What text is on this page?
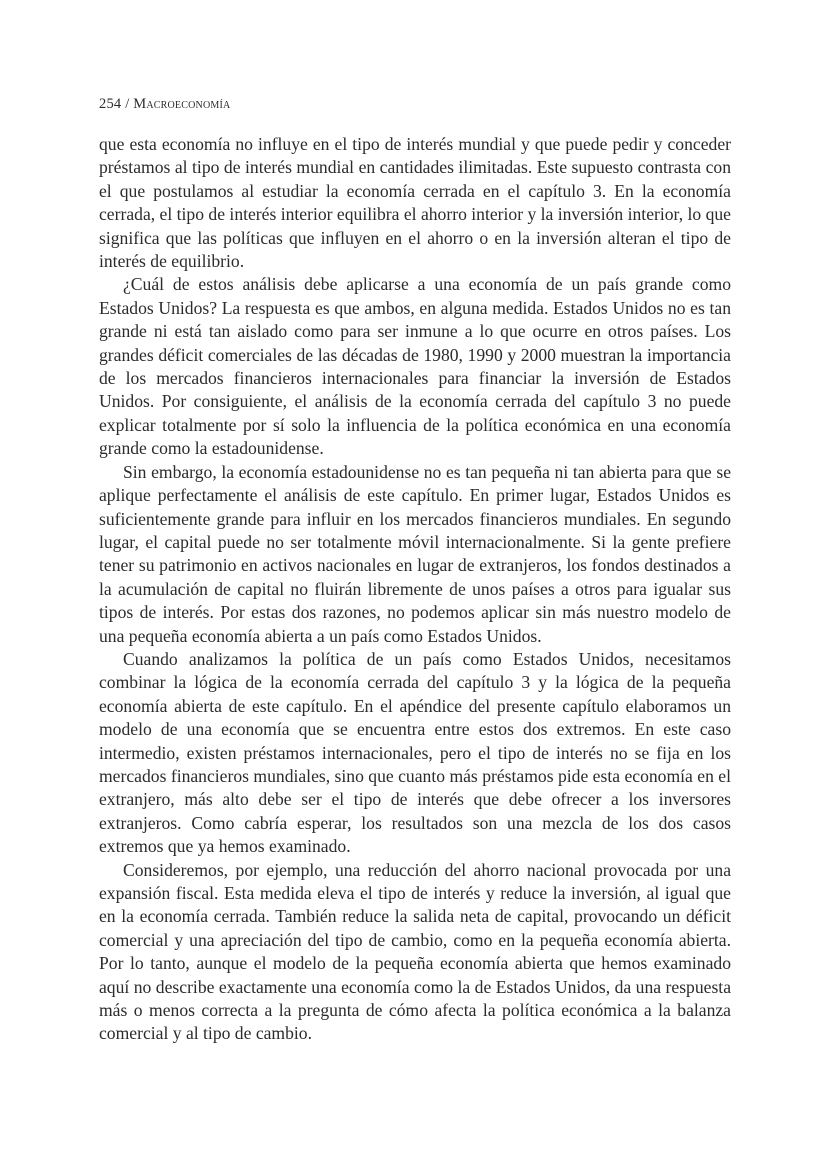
254 / Macroeconomía

que esta economía no influye en el tipo de interés mundial y que puede pedir y conceder préstamos al tipo de interés mundial en cantidades ilimitadas. Este supuesto contrasta con el que postulamos al estudiar la economía cerrada en el capítulo 3. En la economía cerrada, el tipo de interés interior equilibra el ahorro interior y la inversión interior, lo que significa que las políticas que influyen en el ahorro o en la inversión alteran el tipo de interés de equilibrio.

¿Cuál de estos análisis debe aplicarse a una economía de un país grande como Estados Unidos? La respuesta es que ambos, en alguna medida. Estados Unidos no es tan grande ni está tan aislado como para ser inmune a lo que ocurre en otros países. Los grandes déficit comerciales de las décadas de 1980, 1990 y 2000 muestran la importancia de los mercados financieros internacionales para financiar la inversión de Estados Unidos. Por consiguiente, el análisis de la economía cerrada del capítulo 3 no puede explicar totalmente por sí solo la influencia de la política económica en una economía grande como la estadounidense.

Sin embargo, la economía estadounidense no es tan pequeña ni tan abierta para que se aplique perfectamente el análisis de este capítulo. En primer lugar, Estados Unidos es suficientemente grande para influir en los mercados financieros mundiales. En segundo lugar, el capital puede no ser totalmente móvil internacionalmente. Si la gente prefiere tener su patrimonio en activos nacionales en lugar de extranjeros, los fondos destinados a la acumulación de capital no fluirán libremente de unos países a otros para igualar sus tipos de interés. Por estas dos razones, no podemos aplicar sin más nuestro modelo de una pequeña economía abierta a un país como Estados Unidos.

Cuando analizamos la política de un país como Estados Unidos, necesitamos combinar la lógica de la economía cerrada del capítulo 3 y la lógica de la pequeña economía abierta de este capítulo. En el apéndice del presente capítulo elaboramos un modelo de una economía que se encuentra entre estos dos extremos. En este caso intermedio, existen préstamos internacionales, pero el tipo de interés no se fija en los mercados financieros mundiales, sino que cuanto más préstamos pide esta economía en el extranjero, más alto debe ser el tipo de interés que debe ofrecer a los inversores extranjeros. Como cabría esperar, los resultados son una mezcla de los dos casos extremos que ya hemos examinado.

Consideremos, por ejemplo, una reducción del ahorro nacional provocada por una expansión fiscal. Esta medida eleva el tipo de interés y reduce la inversión, al igual que en la economía cerrada. También reduce la salida neta de capital, provocando un déficit comercial y una apreciación del tipo de cambio, como en la pequeña economía abierta. Por lo tanto, aunque el modelo de la pequeña economía abierta que hemos examinado aquí no describe exactamente una economía como la de Estados Unidos, da una respuesta más o menos correcta a la pregunta de cómo afecta la política económica a la balanza comercial y al tipo de cambio.
